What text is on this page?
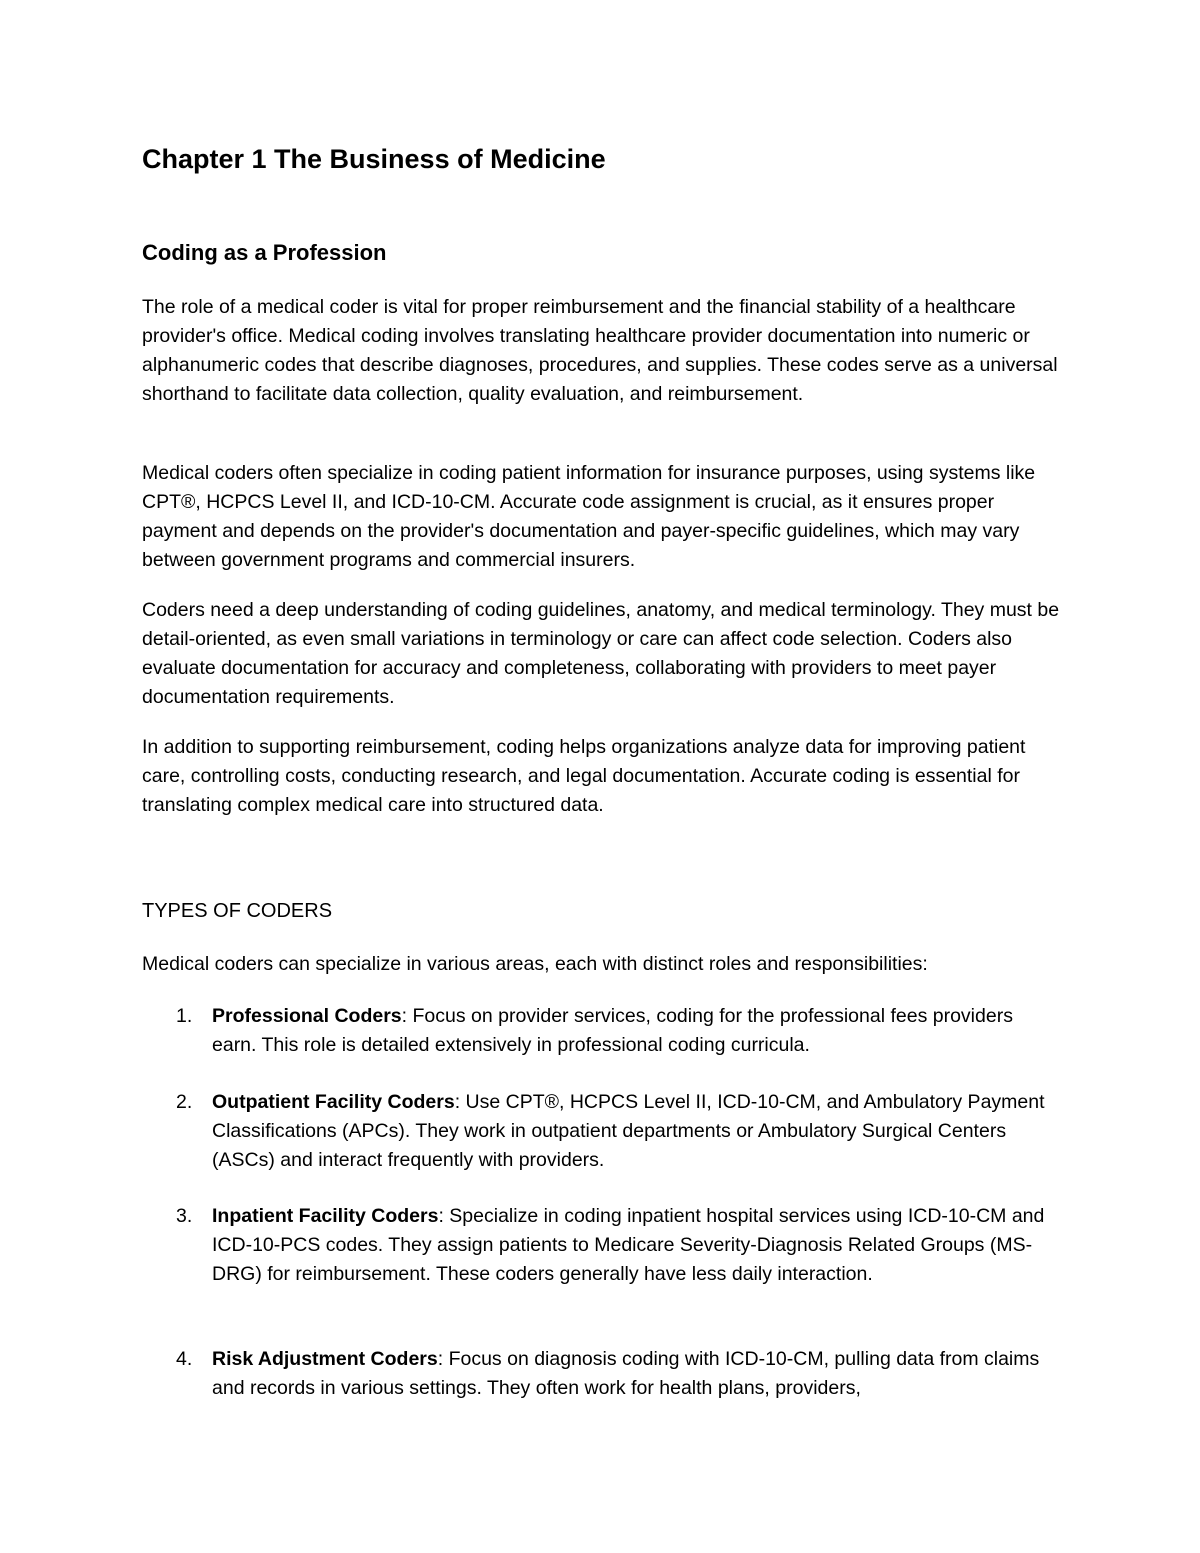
Chapter 1 The Business of Medicine
Coding as a Profession

The role of a medical coder is vital for proper reimbursement and the financial stability of a healthcare provider's office. Medical coding involves translating healthcare provider documentation into numeric or alphanumeric codes that describe diagnoses, procedures, and supplies. These codes serve as a universal shorthand to facilitate data collection, quality evaluation, and reimbursement.

Medical coders often specialize in coding patient information for insurance purposes, using systems like CPT®, HCPCS Level II, and ICD-10-CM. Accurate code assignment is crucial, as it ensures proper payment and depends on the provider's documentation and payer-specific guidelines, which may vary between government programs and commercial insurers.

Coders need a deep understanding of coding guidelines, anatomy, and medical terminology. They must be detail-oriented, as even small variations in terminology or care can affect code selection. Coders also evaluate documentation for accuracy and completeness, collaborating with providers to meet payer documentation requirements.

In addition to supporting reimbursement, coding helps organizations analyze data for improving patient care, controlling costs, conducting research, and legal documentation. Accurate coding is essential for translating complex medical care into structured data.

TYPES OF CODERS

Medical coders can specialize in various areas, each with distinct roles and responsibilities:

1. Professional Coders: Focus on provider services, coding for the professional fees providers earn. This role is detailed extensively in professional coding curricula.
2. Outpatient Facility Coders: Use CPT®, HCPCS Level II, ICD-10-CM, and Ambulatory Payment Classifications (APCs). They work in outpatient departments or Ambulatory Surgical Centers (ASCs) and interact frequently with providers.
3. Inpatient Facility Coders: Specialize in coding inpatient hospital services using ICD-10-CM and ICD-10-PCS codes. They assign patients to Medicare Severity-Diagnosis Related Groups (MS-DRG) for reimbursement. These coders generally have less daily interaction.
4. Risk Adjustment Coders: Focus on diagnosis coding with ICD-10-CM, pulling data from claims and records in various settings. They often work for health plans, providers,
